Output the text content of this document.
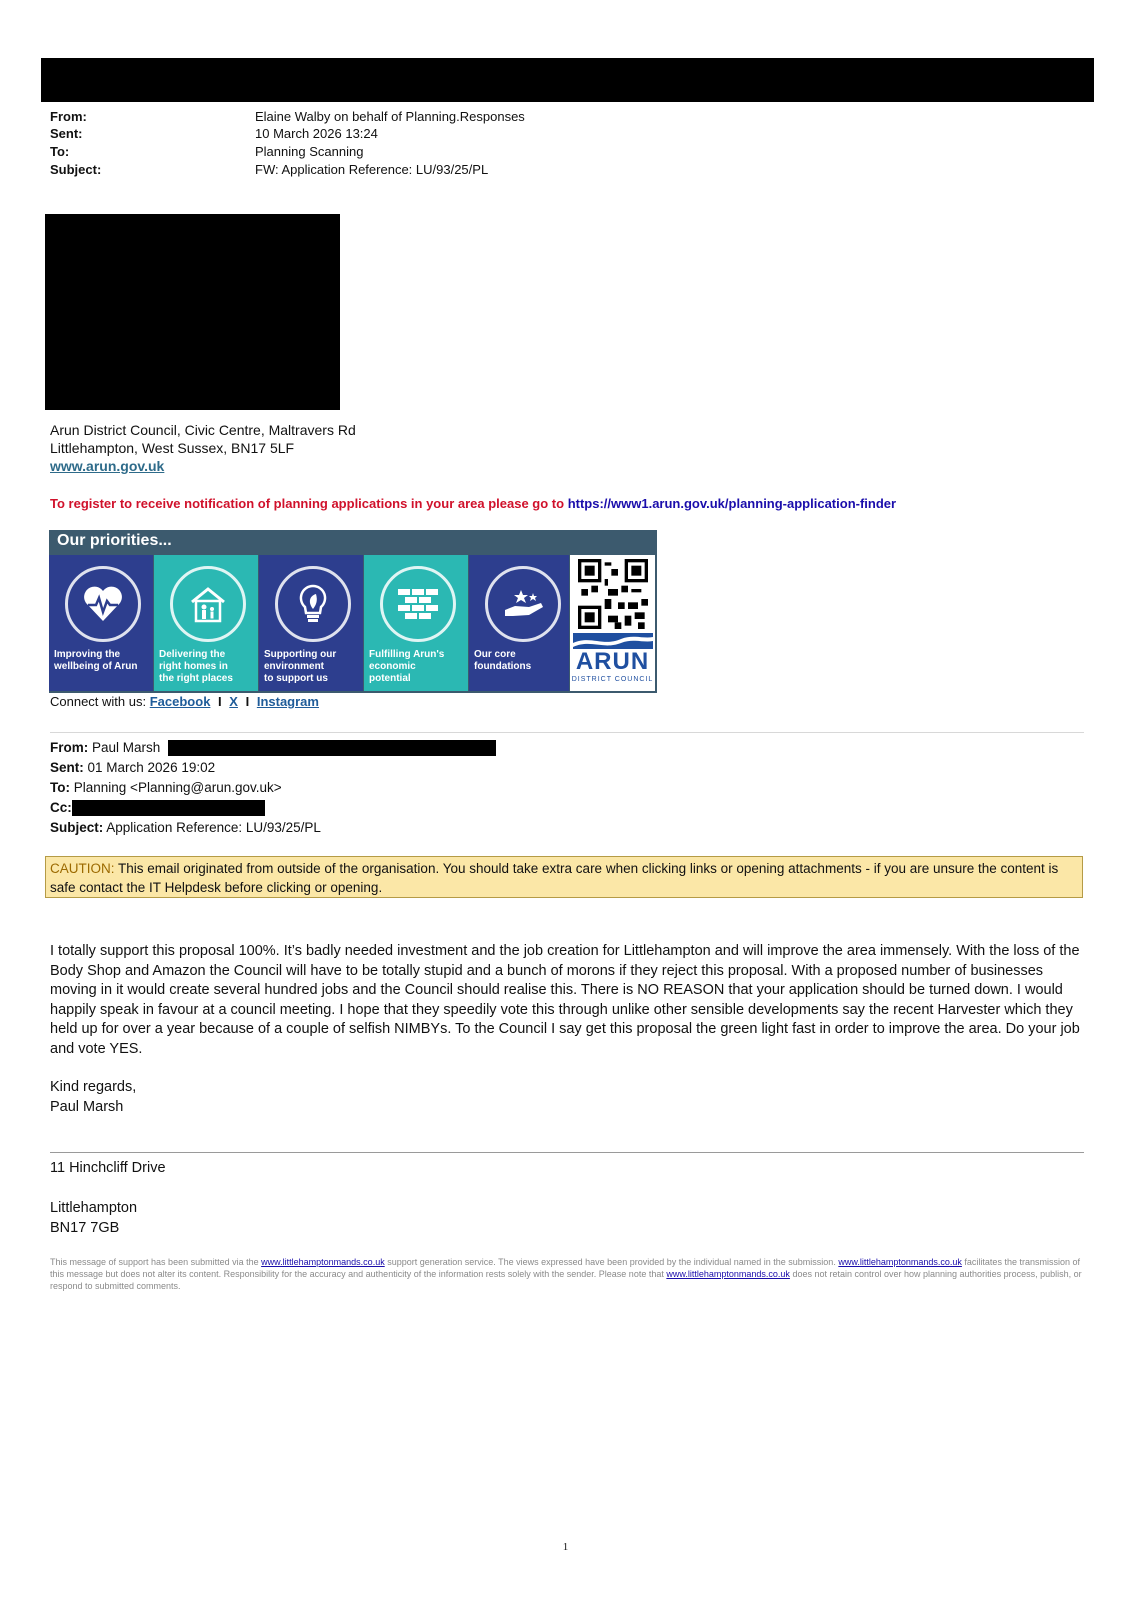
From:	Elaine Walby on behalf of Planning.Responses
Sent:	10 March 2026 13:24
To:	Planning Scanning
Subject:	FW: Application Reference: LU/93/25/PL
Arun District Council, Civic Centre, Maltravers Rd
Littlehampton, West Sussex, BN17 5LF
www.arun.gov.uk
To register to receive notification of planning applications in your area please go to https://www1.arun.gov.uk/planning-application-finder
Our priorities...
Improving the
wellbeing of Arun
Delivering the
right homes in
the right places
Supporting our
environment
to support us
Fulfilling Arun's
economic
potential
Our core
foundations	ARUN
DISTRICT COUNCIL
Connect with us: Facebook I X I Instagram
From: Paul Marsh
Sent: 01 March 2026 19:02
To: Planning <Planning@arun.gov.uk>
Cc:
Subject: Application Reference: LU/93/25/PL
CAUTION: This email originated from outside of the organisation. You should take extra care when clicking links or opening attachments - if you are unsure the content is safe contact the IT Helpdesk before clicking or opening.
I totally support this proposal 100%. It’s badly needed investment and the job creation for Littlehampton and will improve the area immensely. With the loss of the Body Shop and Amazon the Council will have to be totally stupid and a bunch of morons if they reject this proposal. With a proposed number of businesses moving in it would create several hundred jobs and the Council should realise this. There is NO REASON that your application should be turned down. I would happily speak in favour at a council meeting. I hope that they speedily vote this through unlike other sensible developments say the recent Harvester which they held up for over a year because of a couple of selfish NIMBYs. To the Council I say get this proposal the green light fast in order to improve the area. Do your job and vote YES.
Kind regards,
Paul Marsh
11 Hinchcliff Drive
Littlehampton
BN17 7GB
This message of support has been submitted via the www.littlehamptonmands.co.uk support generation service. The views expressed have been provided by the individual named in the submission. www.littlehamptonmands.co.uk facilitates the transmission of this message but does not alter its content. Responsibility for the accuracy and authenticity of the information rests solely with the sender. Please note that www.littlehamptonmands.co.uk does not retain control over how planning authorities process, publish, or respond to submitted comments.
1
